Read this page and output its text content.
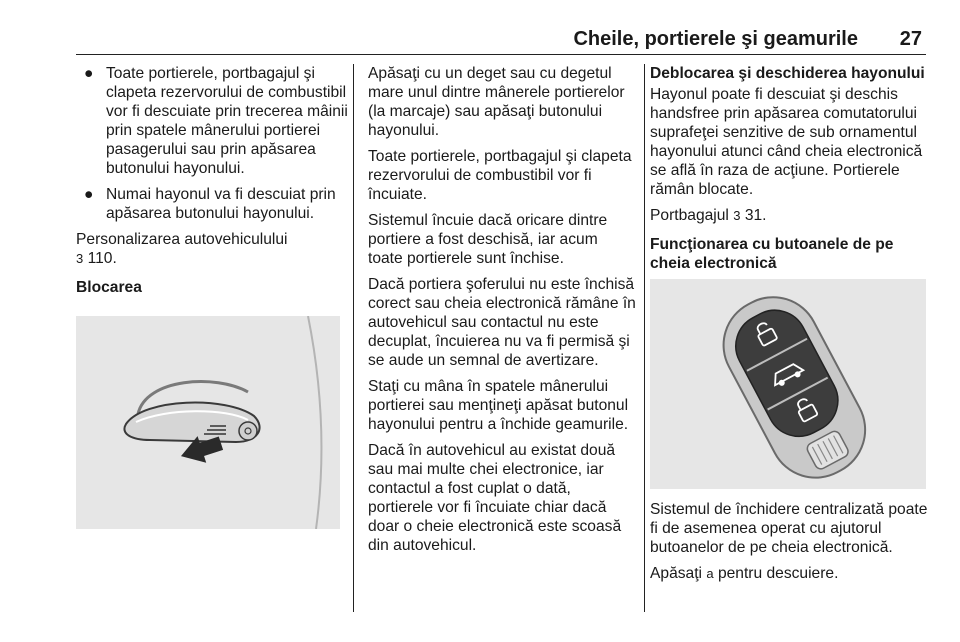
Cheile, portierele şi geamurile 27
● Toate portierele, portbagajul şi clapeta rezervorului de combustibil vor fi descuiate prin trecerea mâinii prin spatele mânerului portierei pasagerului sau prin apăsarea butonului hayonului.
● Numai hayonul va fi descuiat prin apăsarea butonului hayonului.

Personalizarea autovehiculului
3 110.

Blocarea

Apăsaţi cu un deget sau cu degetul mare unul dintre mânerele portierelor (la marcaje) sau apăsaţi butonului hayonului.

Toate portierele, portbagajul şi clapeta rezervorului de combustibil vor fi încuiate.

Sistemul încuie dacă oricare dintre portiere a fost deschisă, iar acum toate portierele sunt închise.

Dacă portiera şoferului nu este închisă corect sau cheia electronică rămâne în autovehicul sau contactul nu este decuplat, încuierea nu va fi permisă şi se aude un semnal de avertizare.

Staţi cu mâna în spatele mânerului portierei sau menţineţi apăsat butonul hayonului pentru a închide geamurile.

Dacă în autovehicul au existat două sau mai multe chei electronice, iar contactul a fost cuplat o dată, portierele vor fi încuiate chiar dacă doar o cheie electronică este scoasă din autovehicul.

Deblocarea şi deschiderea hayonului

Hayonul poate fi descuiat şi deschis handsfree prin apăsarea comutatorului suprafeţei senzitive de sub ornamentul hayonului atunci când cheia electronică se află în raza de acţiune. Portierele rămân blocate.

Portbagajul 3 31.

Funcţionarea cu butoanele de pe cheia electronică

Sistemul de închidere centralizată poate fi de asemenea operat cu ajutorul butoanelor de pe cheia electronică.

Apăsaţi a pentru descuiere.
